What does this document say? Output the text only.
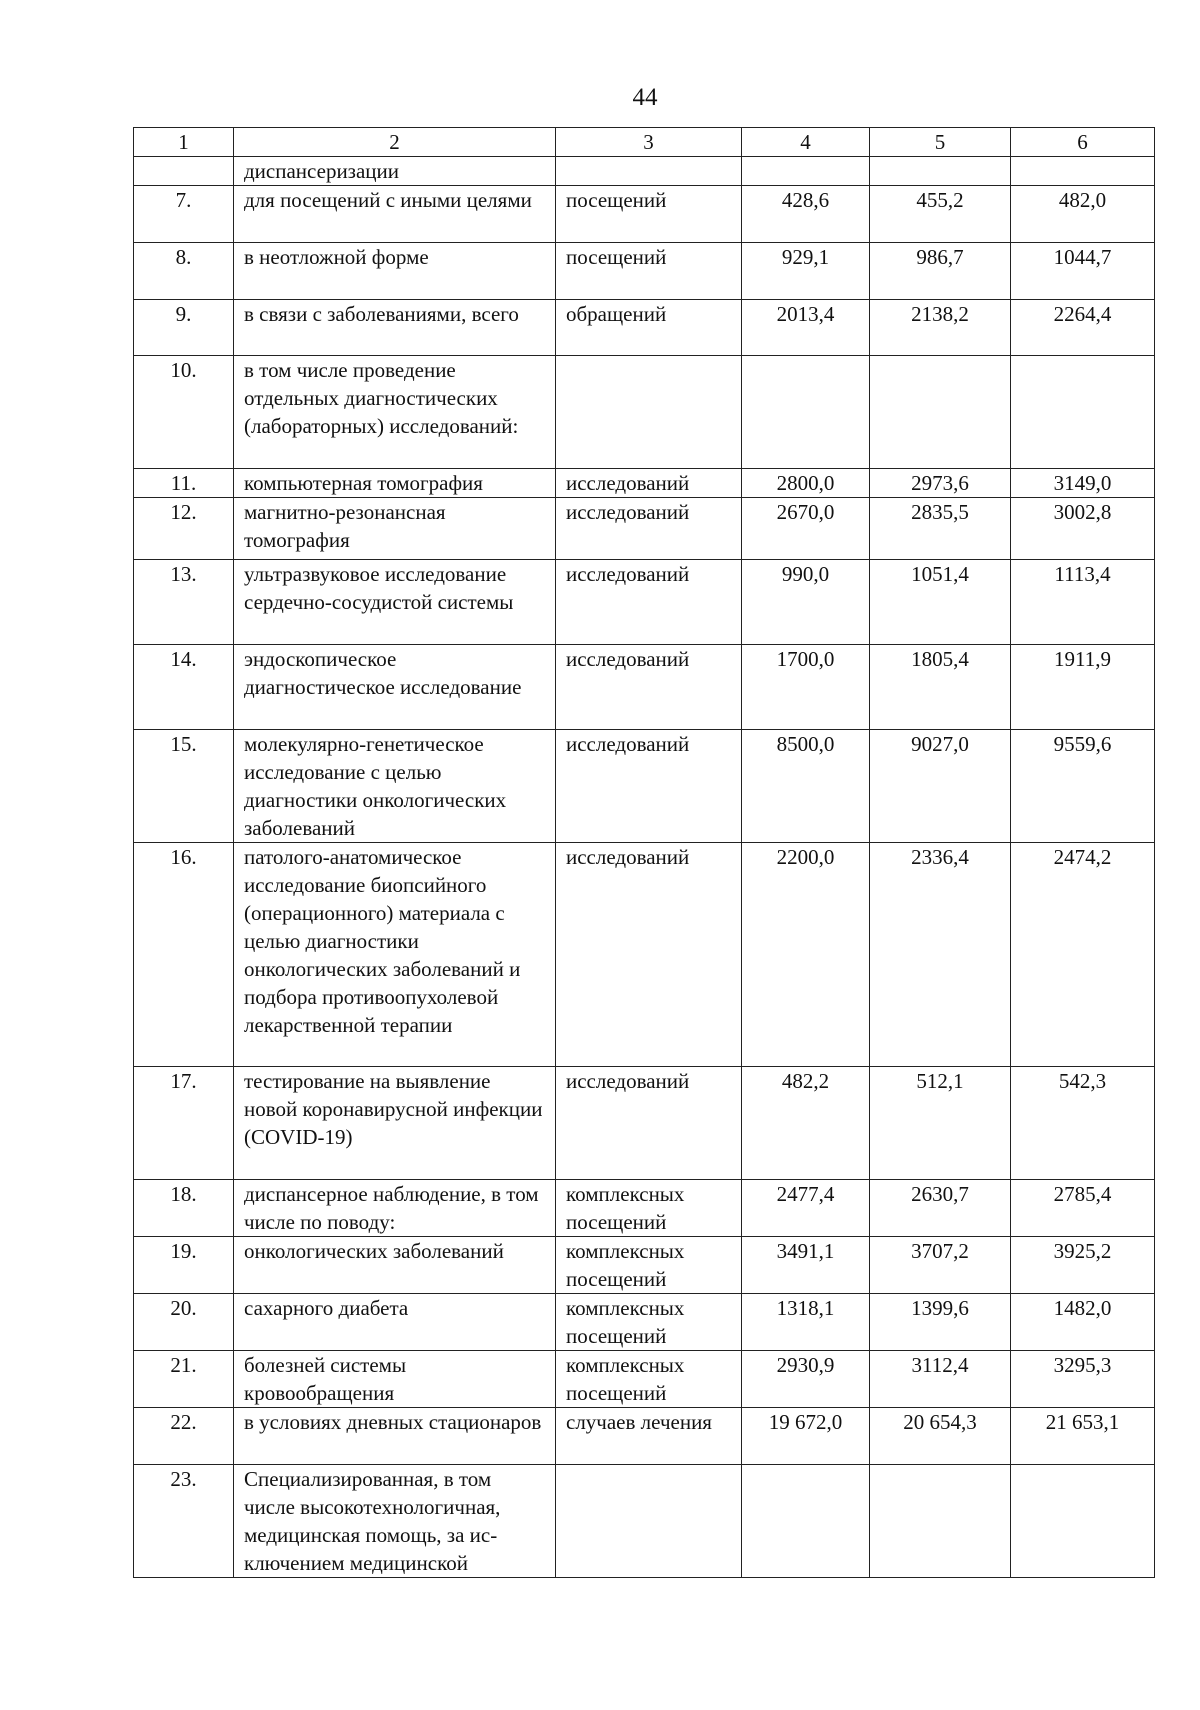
44
1	2	3	4	5	6
	диспансеризации				
7.	для посещений с иными целями	посещений	428,6	455,2	482,0
8.	в неотложной форме	посещений	929,1	986,7	1044,7
9.	в связи с заболеваниями, всего	обращений	2013,4	2138,2	2264,4
10.	в том числе проведение отдельных диагностических (лабораторных) исследований:				
11.	компьютерная томография	исследований	2800,0	2973,6	3149,0
12.	магнитно-резонансная томография	исследований	2670,0	2835,5	3002,8
13.	ультразвуковое исследование сердечно-сосудистой системы	исследований	990,0	1051,4	1113,4
14.	эндоскопическое диагностическое исследование	исследований	1700,0	1805,4	1911,9
15.	молекулярно-генетическое исследование с целью диагностики онкологических заболеваний	исследований	8500,0	9027,0	9559,6
16.	патолого-анатомическое исследование биопсийного (операционного) материала с целью диагностики онкологических заболеваний и подбора противоопухолевой лекарственной терапии	исследований	2200,0	2336,4	2474,2
17.	тестирование на выявление новой коронавирусной инфекции (COVID-19)	исследований	482,2	512,1	542,3
18.	диспансерное наблюдение, в том числе по поводу:	комплексных посещений	2477,4	2630,7	2785,4
19.	онкологических заболеваний	комплексных посещений	3491,1	3707,2	3925,2
20.	сахарного диабета	комплексных посещений	1318,1	1399,6	1482,0
21.	болезней системы кровообращения	комплексных посещений	2930,9	3112,4	3295,3
22.	в условиях дневных стационаров	случаев лечения	19 672,0	20 654,3	21 653,1
23.	Специализированная, в том числе высокотехнологичная, медицинская помощь, за ис-ключением медицинской				
